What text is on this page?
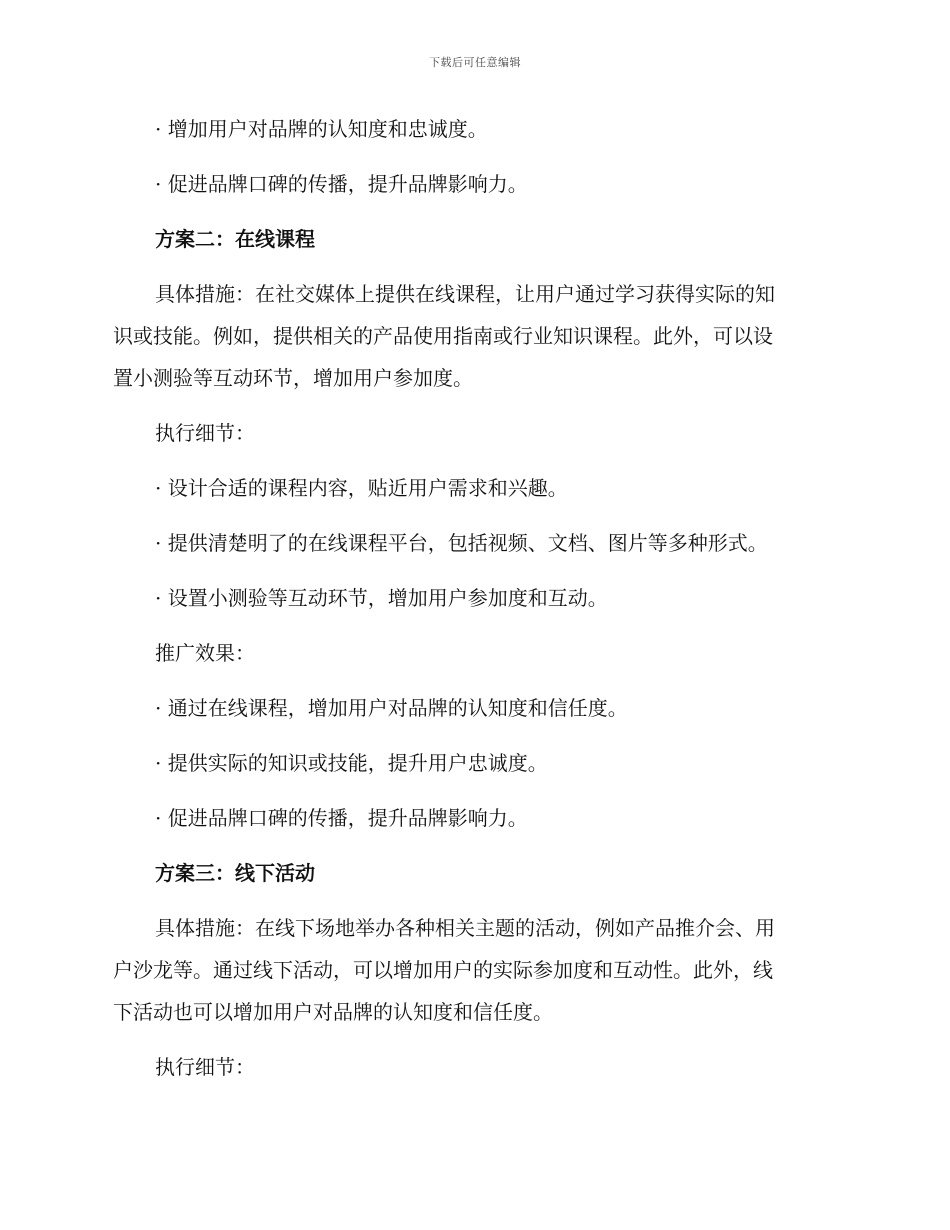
下载后可任意编辑

· 增加用户对品牌的认知度和忠诚度。

· 促进品牌口碑的传播，提升品牌影响力。

方案二：在线课程

具体措施：在社交媒体上提供在线课程，让用户通过学习获得实际的知

识或技能。例如，提供相关的产品使用指南或行业知识课程。此外，可以设

置小测验等互动环节，增加用户参加度。

执行细节：

· 设计合适的课程内容，贴近用户需求和兴趣。

· 提供清楚明了的在线课程平台，包括视频、文档、图片等多种形式。

· 设置小测验等互动环节，增加用户参加度和互动。

推广效果：

· 通过在线课程，增加用户对品牌的认知度和信任度。

· 提供实际的知识或技能，提升用户忠诚度。

· 促进品牌口碑的传播，提升品牌影响力。

方案三：线下活动

具体措施：在线下场地举办各种相关主题的活动，例如产品推介会、用

户沙龙等。通过线下活动，可以增加用户的实际参加度和互动性。此外，线

下活动也可以增加用户对品牌的认知度和信任度。

执行细节：
